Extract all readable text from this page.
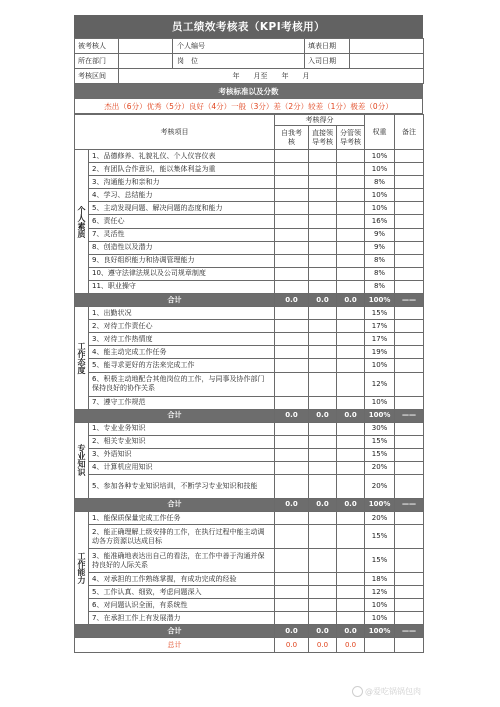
员工绩效考核表（KPI考核用）
被考核人		个人编号	填表日期	
所在部门		岗　位	入司日期	
考核区间	年　　月至　　年　　月			
考核标准以及分数
杰出（6分）优秀（5分）良好（4分）一般（3分）差（2分）较差（1分）极差（0分）
考核项目		考核得分			权重	备注
		自我考核	直接领导考核	分管领导考核		
个人素质	1、品德修养、礼貌礼仪、个人仪容仪表				10%	
	2、有团队合作意识，能以集体利益为重				10%	
	3、沟通能力和亲和力				8%	
	4、学习、总结能力				10%	
	5、主动发现问题、解决问题的态度和能力				10%	
	6、责任心				16%	
	7、灵活性				9%	
	8、创造性以及潜力				9%	
	9、良好组织能力和协调管理能力				8%	
	10、遵守法律法规以及公司规章制度				8%	
	11、职业操守				8%	
合计		0.0	0.0	0.0	100%	——
工作态度	1、出勤状况				15%	
	2、对待工作责任心				17%	
	3、对待工作热情度				17%	
	4、能主动完成工作任务				19%	
	5、能寻求更好的方法来完成工作				10%	
	6、积极主动地配合其他岗位的工作，与同事及协作部门保持良好的协作关系				12%	
	7、遵守工作规范				10%	
合计		0.0	0.0	0.0	100%	——
专业知识	1、专业业务知识				30%	
	2、相关专业知识				15%	
	3、外语知识				15%	
	4、计算机应用知识				20%	
	5、参加各种专业知识培训，不断学习专业知识和技能				20%	
合计		0.0	0.0	0.0	100%	——
工作能力	1、能保质保量完成工作任务				20%	
	2、能正确理解上级安排的工作，在执行过程中能主动调动各方资源以达成目标				15%	
	3、能准确地表达出自己的看法，在工作中善于沟通并保持良好的人际关系				15%	
	4、对承担的工作熟练掌握，有成功完成的经验				18%	
	5、工作认真、细致，考虑问题深入				12%	
	6、对问题认识全面，有系统性				10%	
	7、在承担工作上有发展潜力				10%	
合计		0.0	0.0	0.0	100%	——
总计		0.0	0.0	0.0		
@爱吃锅锅包肉
